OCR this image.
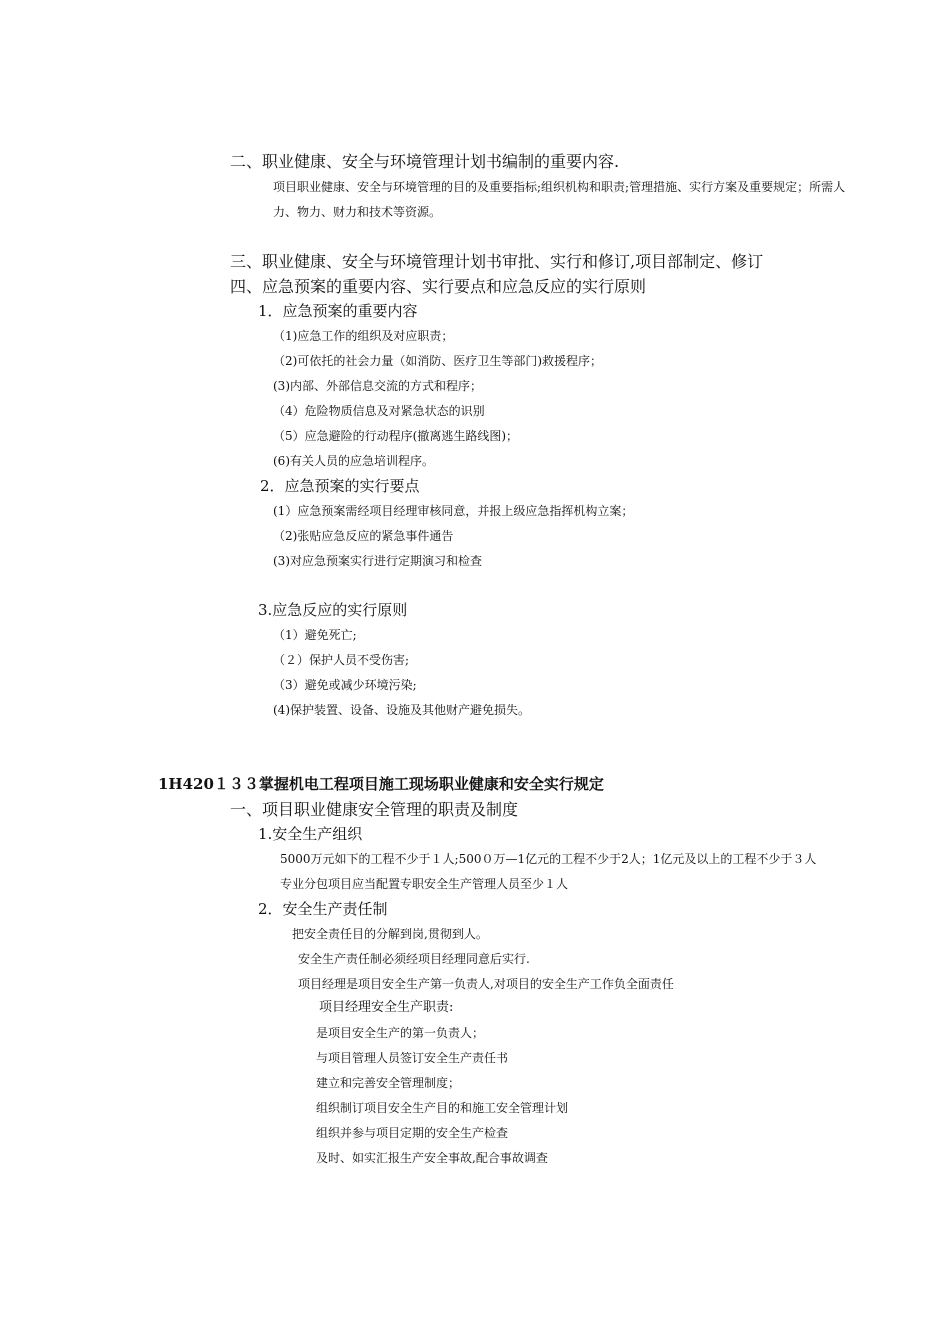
二、职业健康、安全与环境管理计划书编制的重要内容.
项目职业健康、安全与环境管理的目的及重要指标;组织机构和职责;管理措施、实行方案及重要规定；所需人
力、物力、财力和技术等资源。
三、职业健康、安全与环境管理计划书审批、实行和修订,项目部制定、修订
四、应急预案的重要内容、实行要点和应急反应的实行原则
1．应急预案的重要内容
（1)应急工作的组织及对应职责；
（2)可依托的社会力量（如消防、医疗卫生等部门)救援程序；
(3)内部、外部信息交流的方式和程序；
（4）危险物质信息及对紧急状态的识别
（5）应急避险的行动程序(撤离逃生路线图)；
(6)有关人员的应急培训程序。
2．应急预案的实行要点
(1）应急预案需经项目经理审核同意，并报上级应急指挥机构立案；
（2)张贴应急反应的紧急事件通告
(3)对应急预案实行进行定期演习和检查
3.应急反应的实行原则
（1）避免死亡;
（２）保护人员不受伤害;
（3）避免或减少环境污染;
(4)保护装置、设备、设施及其他财产避免损失。
1H420１３３掌握机电工程项目施工现场职业健康和安全实行规定
一、项目职业健康安全管理的职责及制度
1.安全生产组织
5000万元如下的工程不少于１人;500０万—1亿元的工程不少于2人；1亿元及以上的工程不少于３人
专业分包项目应当配置专职安全生产管理人员至少１人
2．安全生产责任制
把安全责任目的分解到岗,贯彻到人。
安全生产责任制必须经项目经理同意后实行.
项目经理是项目安全生产第一负责人,对项目的安全生产工作负全面责任
项目经理安全生产职责:
是项目安全生产的第一负责人；
与项目管理人员签订安全生产责任书
建立和完善安全管理制度；
组织制订项目安全生产目的和施工安全管理计划
组织并参与项目定期的安全生产检查
及时、如实汇报生产安全事故,配合事故调查
